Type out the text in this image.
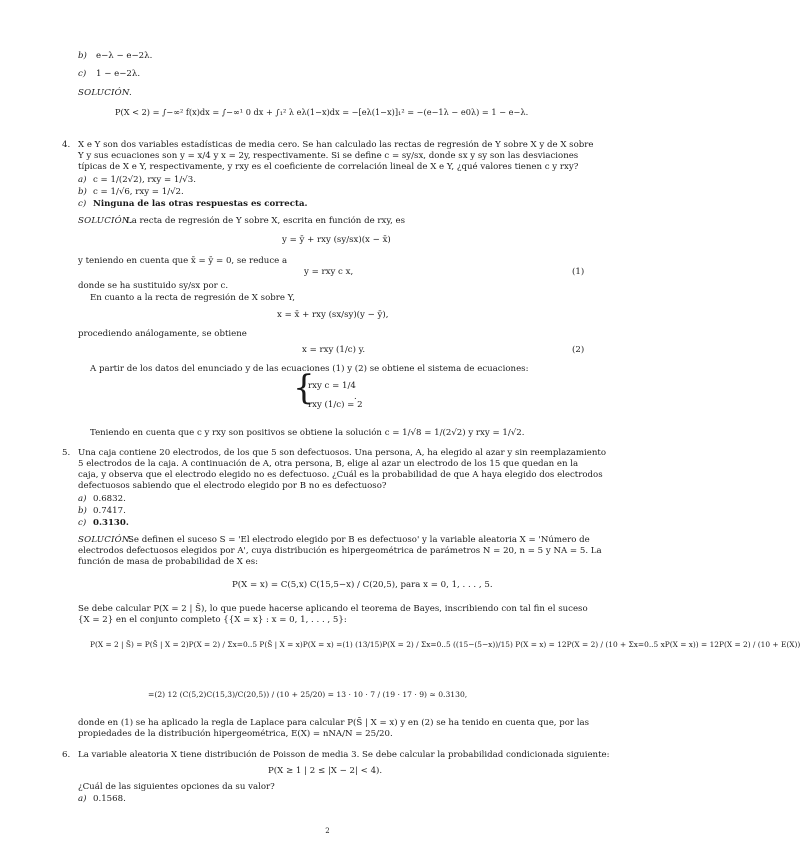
b) e−λ − e−2λ.
c) 1 − e−2λ.
SOLUCIÓN.
P(X < 2) = ∫−∞² f(x)dx = ∫−∞¹ 0 dx + ∫₁² λ eλ(1−x)dx = −[eλ(1−x)]₁² = −(e−1λ − e0λ) = 1 − e−λ.
4. X e Y son dos variables estadísticas de media cero. Se han calculado las rectas de regresión de Y sobre X y de X sobre
Y y sus ecuaciones son y = x/4 y x = 2y, respectivamente. Si se define c = sy/sx, donde sx y sy son las desviaciones
típicas de X e Y, respectivamente, y rxy es el coeficiente de correlación lineal de X e Y, ¿qué valores tienen c y rxy?
a) c = 1/(2√2), rxy = 1/√3.
b) c = 1/√6, rxy = 1/√2.
c) Ninguna de las otras respuestas es correcta.
SOLUCIÓN.
La recta de regresión de Y sobre X, escrita en función de rxy, es
y = ȳ + rxy (sy/sx)(x − x̄)
y teniendo en cuenta que x̄ = ȳ = 0, se reduce a
y = rxy c x,	(1)
donde se ha sustituido sy/sx por c.
En cuanto a la recta de regresión de X sobre Y,
x = x̄ + rxy (sx/sy)(y − ȳ),
procediendo análogamente, se obtiene
x = rxy (1/c) y.	(2)
A partir de los datos del enunciado y de las ecuaciones (1) y (2) se obtiene el sistema de ecuaciones:
{
rxy c = 1/4
rxy (1/c) = 2
.
Teniendo en cuenta que c y rxy son positivos se obtiene la solución c = 1/√8 = 1/(2√2) y rxy = 1/√2.
5. Una caja contiene 20 electrodos, de los que 5 son defectuosos. Una persona, A, ha elegido al azar y sin reemplazamiento
5 electrodos de la caja. A continuación de A, otra persona, B, elige al azar un electrodo de los 15 que quedan en la
caja, y observa que el electrodo elegido no es defectuoso. ¿Cuál es la probabilidad de que A haya elegido dos electrodos
defectuosos sabiendo que el electrodo elegido por B no es defectuoso?
a) 0.6832.
b) 0.7417.
c) 0.3130.
SOLUCIÓN.
Se definen el suceso S = 'El electrodo elegido por B es defectuoso' y la variable aleatoria X = 'Número de
electrodos defectuosos elegidos por A', cuya distribución es hipergeométrica de parámetros N = 20, n = 5 y NA = 5. La
función de masa de probabilidad de X es:
P(X = x) = C(5,x) C(15,5−x) / C(20,5), para x = 0, 1, . . . , 5.
Se debe calcular P(X = 2 | S̄), lo que puede hacerse aplicando el teorema de Bayes, inscribiendo con tal fin el suceso
{X = 2} en el conjunto completo {{X = x} : x = 0, 1, . . . , 5}:
P(X = 2 | S̄) = P(S̄ | X = 2)P(X = 2) / Σx=0..5 P(S̄ | X = x)P(X = x) =(1) (13/15)P(X = 2) / Σx=0..5 ((15−(5−x))/15) P(X = x) = 12P(X = 2) / (10 + Σx=0..5 xP(X = x)) = 12P(X = 2) / (10 + E(X))
=(2) 12 (C(5,2)C(15,3)/C(20,5)) / (10 + 25/20) = 13 · 10 · 7 / (19 · 17 · 9) ≃ 0.3130,
donde en (1) se ha aplicado la regla de Laplace para calcular P(S̄ | X = x) y en (2) se ha tenido en cuenta que, por las
propiedades de la distribución hipergeométrica, E(X) = nNA/N = 25/20.
6. La variable aleatoria X tiene distribución de Poisson de media 3. Se debe calcular la probabilidad condicionada siguiente:
P(X ≥ 1 | 2 ≤ |X − 2| < 4).
¿Cuál de las siguientes opciones da su valor?
a) 0.1568.
2
